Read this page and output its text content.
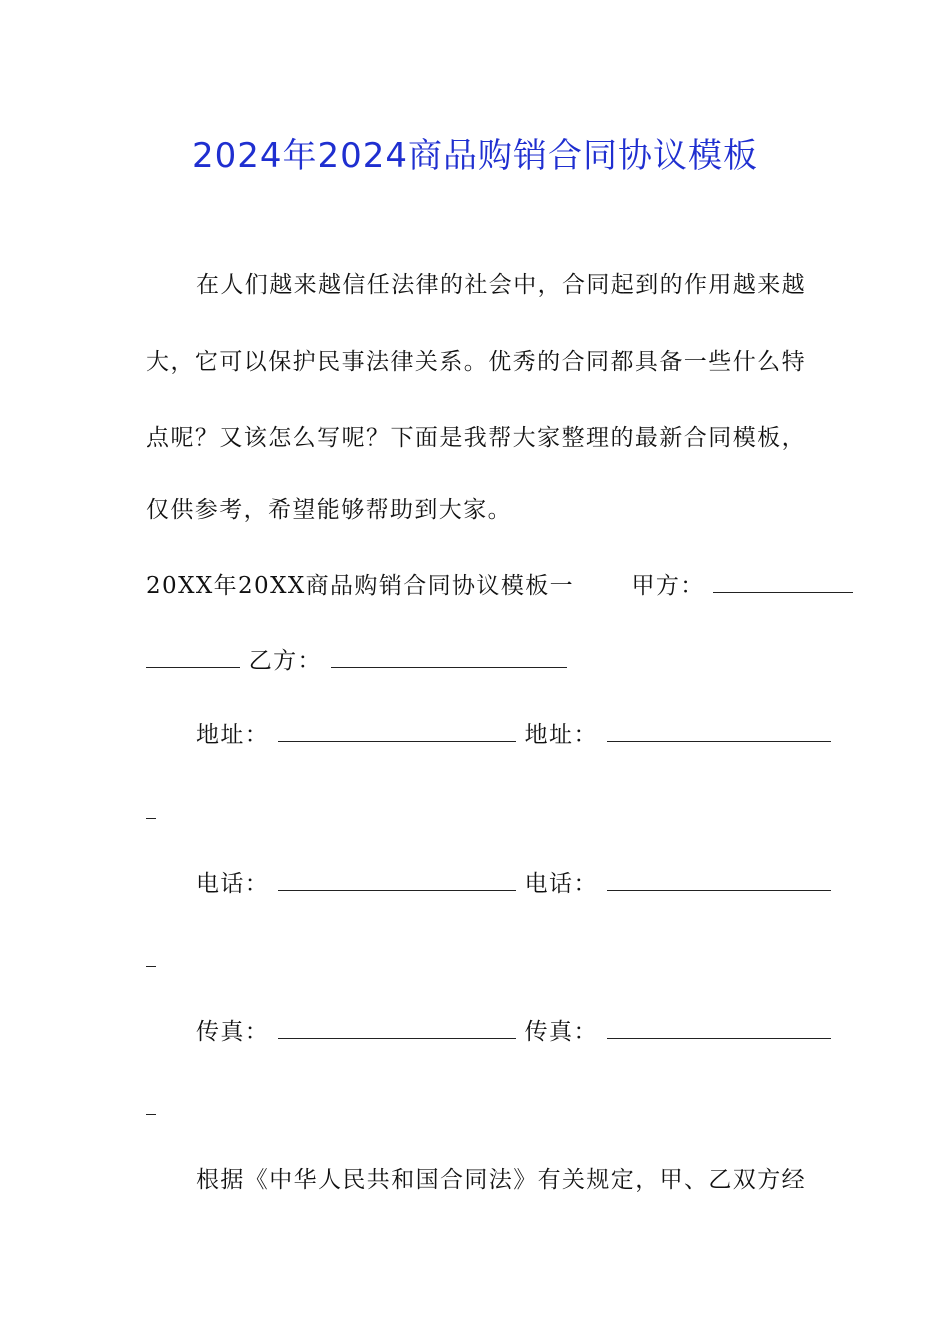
2024年2024商品购销合同协议模板
在人们越来越信任法律的社会中，合同起到的作用越来越
大，它可以保护民事法律关系。优秀的合同都具备一些什么特
点呢？又该怎么写呢？下面是我帮大家整理的最新合同模板，
仅供参考，希望能够帮助到大家。
20XX年20XX商品购销合同协议模板一 甲方：
乙方：
地址：	地址：
电话：	电话：
传真：	传真：
根据《中华人民共和国合同法》有关规定，甲、乙双方经
